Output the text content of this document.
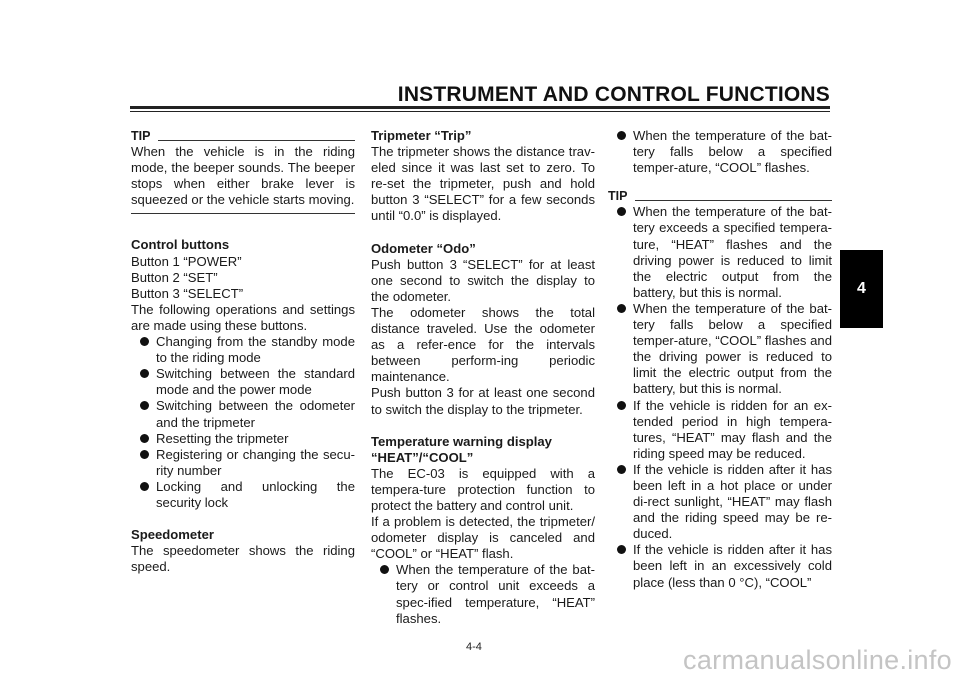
INSTRUMENT AND CONTROL FUNCTIONS
4
TIP

When the vehicle is in the riding mode, the beeper sounds. The beeper stops when either brake lever is squeezed or the vehicle starts moving.

Control buttons

Button 1 “POWER”

Button 2 “SET”

Button 3 “SELECT”

The following operations and settings are made using these buttons.

Changing from the standby mode to the riding mode
Switching between the standard mode and the power mode
Switching between the odometer and the tripmeter
Resetting the tripmeter
Registering or changing the secu-rity number
Locking and unlocking the security lock

Speedometer

The speedometer shows the riding speed.

Tripmeter “Trip”

The tripmeter shows the distance trav-eled since it was last set to zero. To re-set the tripmeter, push and hold button 3 “SELECT” for a few seconds until “0.0” is displayed.

Odometer “Odo”

Push button 3 “SELECT” for at least one second to switch the display to the odometer.

The odometer shows the total distance traveled. Use the odometer as a refer-ence for the intervals between perform-ing periodic maintenance.

Push button 3 for at least one second to switch the display to the tripmeter.

Temperature warning display

“HEAT”/“COOL”

The EC-03 is equipped with a tempera-ture protection function to protect the battery and control unit.

If a problem is detected, the tripmeter/ odometer display is canceled and “COOL” or “HEAT” flash.

When the temperature of the bat-tery or control unit exceeds a spec-ified temperature, “HEAT” flashes.
When the temperature of the bat-tery falls below a specified temper-ature, “COOL” flashes.
TIP
When the temperature of the bat-tery exceeds a specified tempera-ture, “HEAT” flashes and the driving power is reduced to limit the electric output from the battery, but this is normal.
When the temperature of the bat-tery falls below a specified temper-ature, “COOL” flashes and the driving power is reduced to limit the electric output from the battery, but this is normal.
If the vehicle is ridden for an ex-tended period in high tempera-tures, “HEAT” may flash and the riding speed may be reduced.
If the vehicle is ridden after it has been left in a hot place or under di-rect sunlight, “HEAT” may flash and the riding speed may be re-duced.
If the vehicle is ridden after it has been left in an excessively cold place (less than 0 °C), “COOL”
4-4	carmanualsonline.info
